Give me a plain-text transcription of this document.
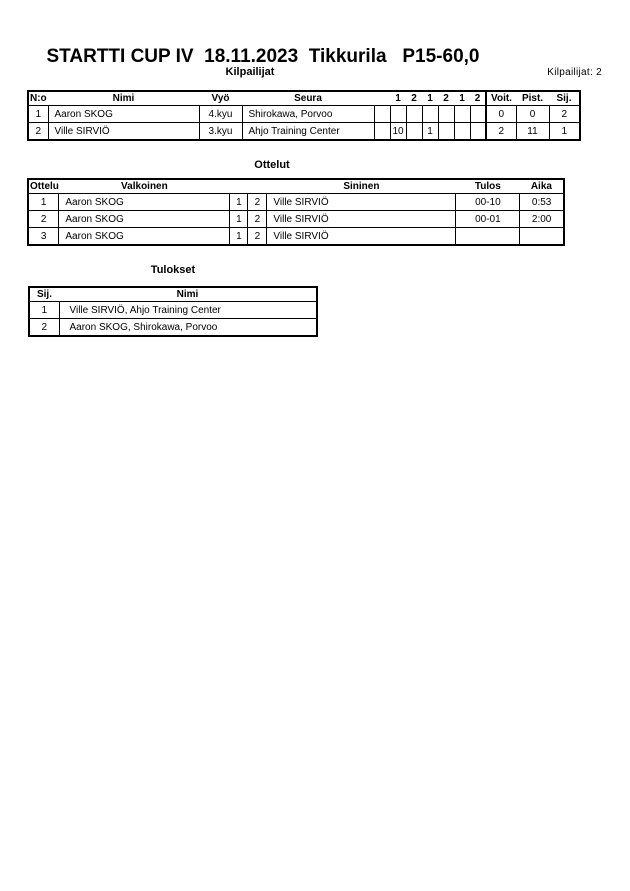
STARTTI CUP IV  18.11.2023  Tikkurila   P15-60,0
Kilpailijat	Kilpailijat: 2
N:o	Nimi	Vyö	Seura		1	2	1	2	1	2	Voit.	Pist.	Sij.
1	Aaron SKOG	4.kyu	Shirokawa, Porvoo								0	0	2
2	Ville SIRVIÖ	3.kyu	Ahjo Training Center		10		1				2	11	1
Ottelut
Ottelu	Valkoinen			Sininen	Tulos	Aika
1	Aaron SKOG	1	2	Ville SIRVIÖ	00-10	0:53
2	Aaron SKOG	1	2	Ville SIRVIÖ	00-01	2:00
3	Aaron SKOG	1	2	Ville SIRVIÖ		
Tulokset
Sij.	Nimi
1	Ville SIRVIÖ, Ahjo Training Center
2	Aaron SKOG, Shirokawa, Porvoo
